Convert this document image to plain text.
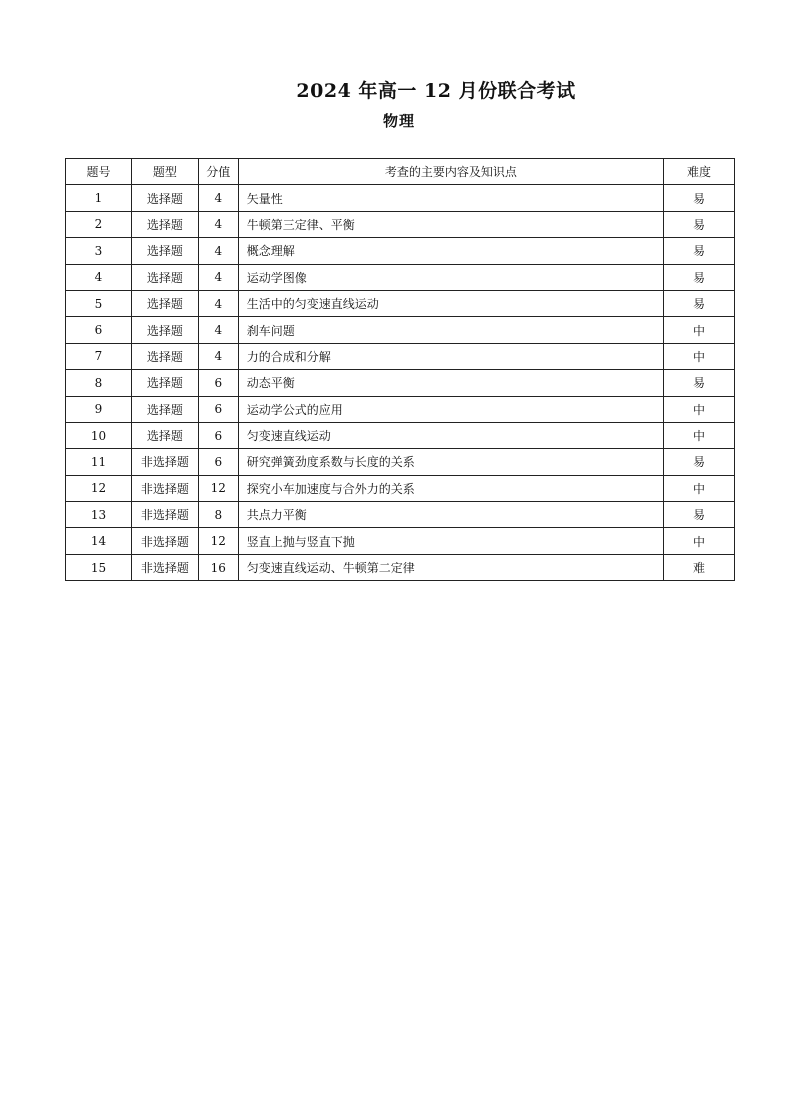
2024 年高一 12 月份联合考试
物理
题号	题型	分值	考查的主要内容及知识点	难度
1	选择题	4	矢量性	易
2	选择题	4	牛顿第三定律、平衡	易
3	选择题	4	概念理解	易
4	选择题	4	运动学图像	易
5	选择题	4	生活中的匀变速直线运动	易
6	选择题	4	刹车问题	中
7	选择题	4	力的合成和分解	中
8	选择题	6	动态平衡	易
9	选择题	6	运动学公式的应用	中
10	选择题	6	匀变速直线运动	中
11	非选择题	6	研究弹簧劲度系数与长度的关系	易
12	非选择题	12	探究小车加速度与合外力的关系	中
13	非选择题	8	共点力平衡	易
14	非选择题	12	竖直上抛与竖直下抛	中
15	非选择题	16	匀变速直线运动、牛顿第二定律	难
